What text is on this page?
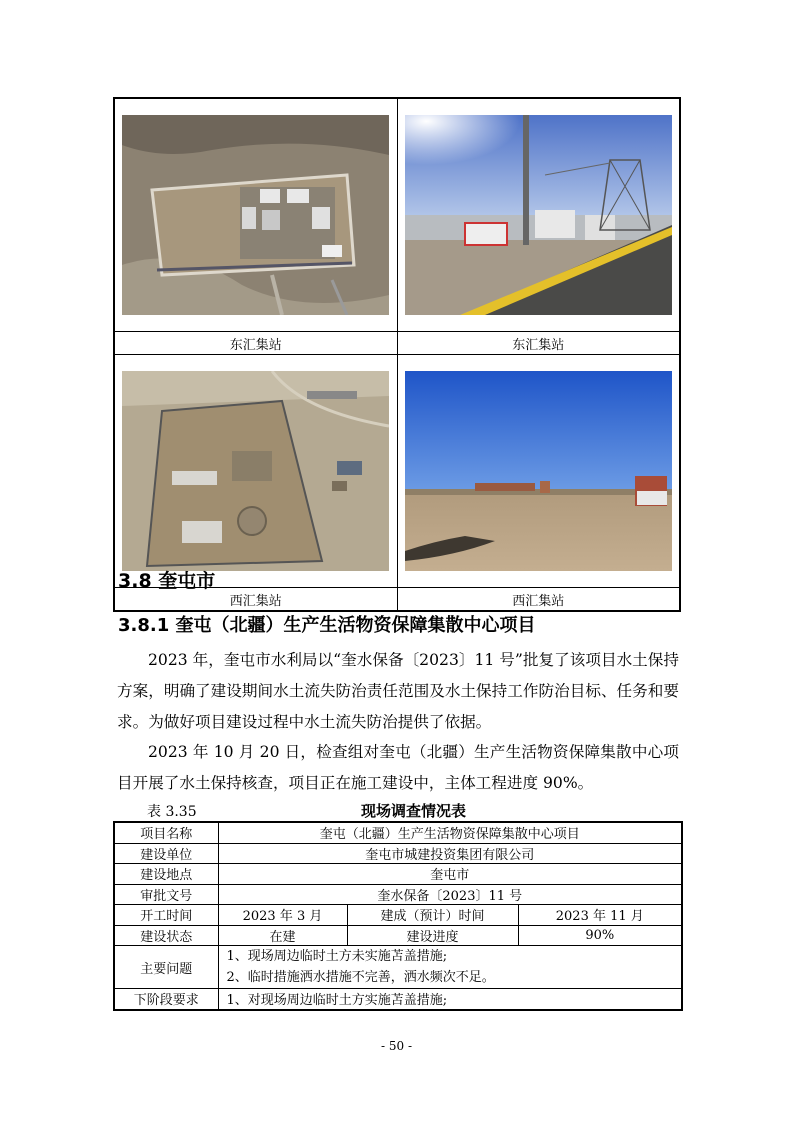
东汇集站	东汇集站

西汇集站	西汇集站
3.8 奎屯市
3.8.1 奎屯（北疆）生产生活物资保障集散中心项目

2023 年，奎屯市水利局以“奎水保备〔2023〕11 号”批复了该项目水土保持方案，明确了建设期间水土流失防治责任范围及水土保持工作防治目标、任务和要求。为做好项目建设过程中水土流失防治提供了依据。

2023 年 10 月 20 日，检查组对奎屯（北疆）生产生活物资保障集散中心项目开展了水土保持核查，项目正在施工建设中，主体工程进度 90%。

表 3.35	现场调查情况表
项目名称	奎屯（北疆）生产生活物资保障集散中心项目		
建设单位	奎屯市城建投资集团有限公司		
建设地点	奎屯市		
审批文号	奎水保备〔2023〕11 号		
开工时间	2023 年 3 月	建成（预计）时间	2023 年 11 月
建设状态	在建	建设进度	90%
主要问题	1、现场周边临时土方未实施苫盖措施;
2、临时措施洒水措施不完善，洒水频次不足。		

下阶段要求	1、对现场周边临时土方实施苫盖措施;		
- 50 -
